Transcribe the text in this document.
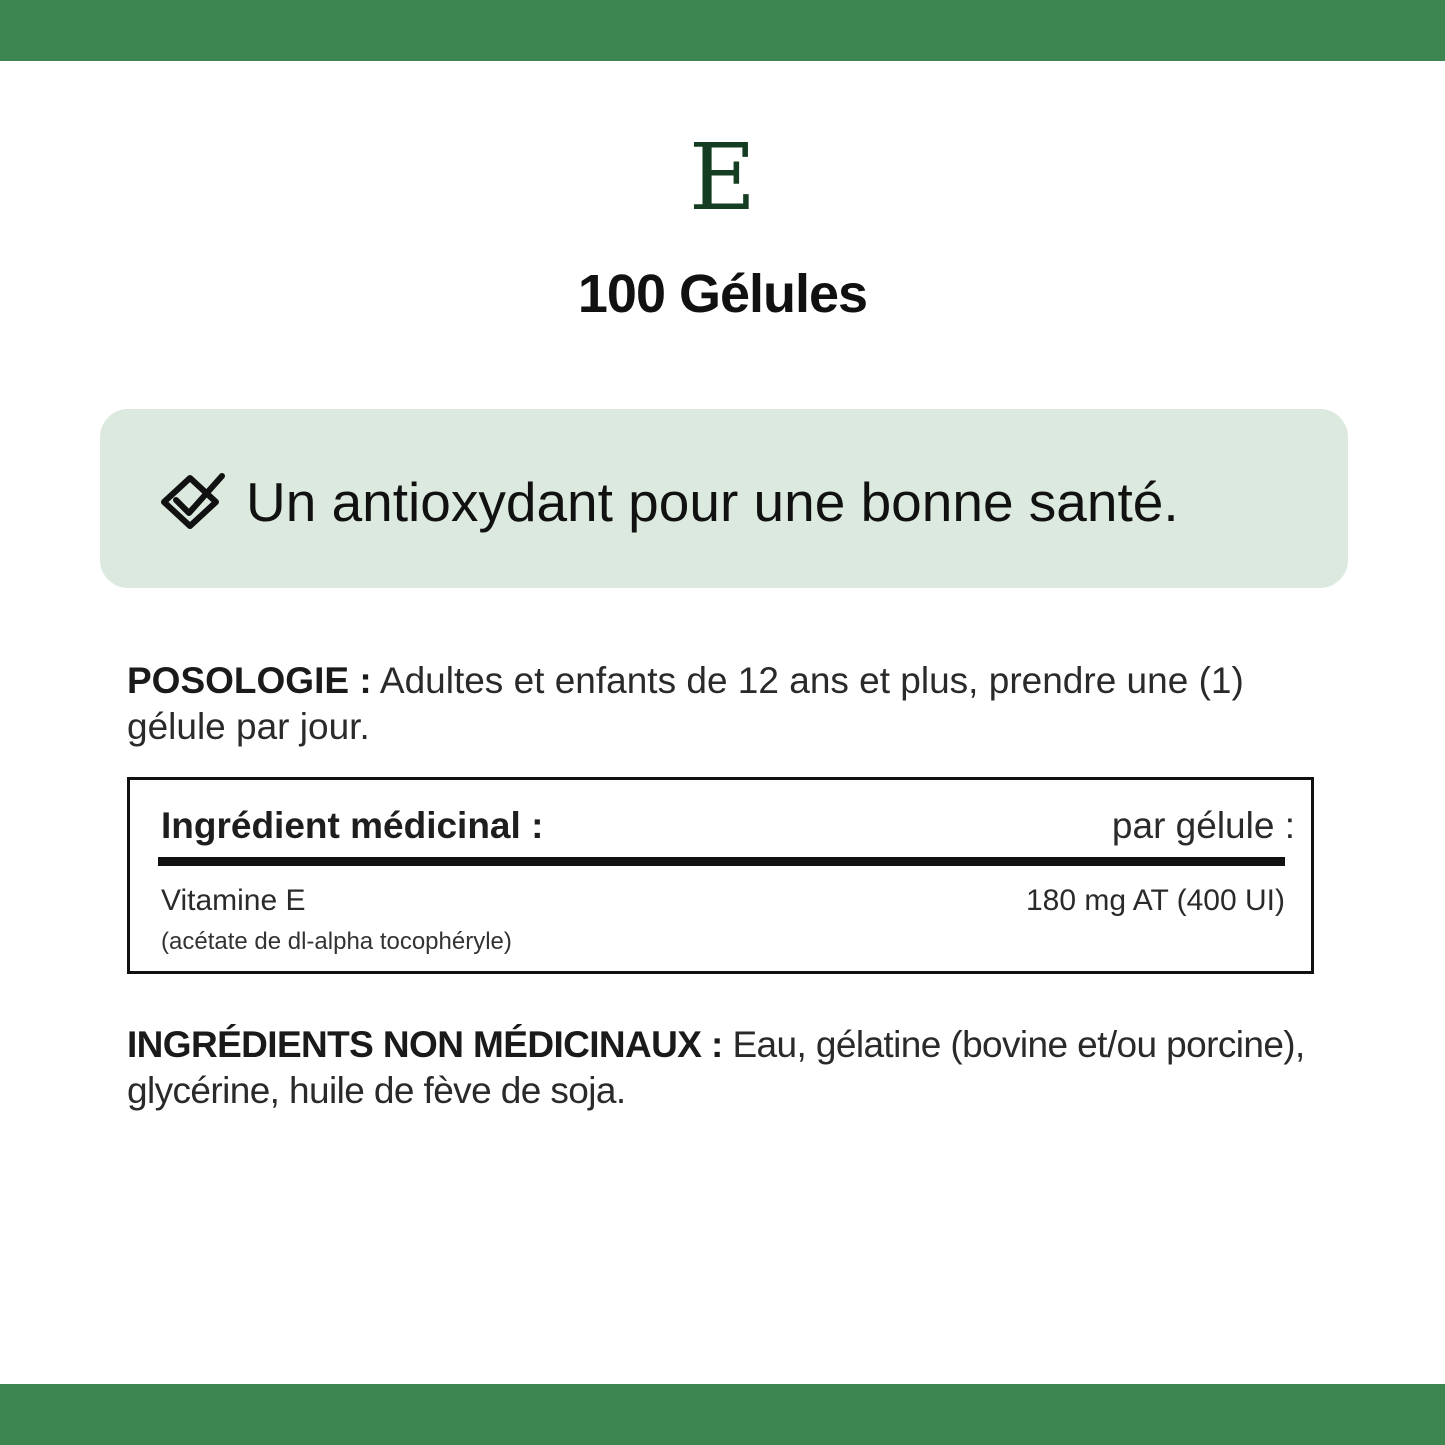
E
100 Gélules
Un antioxydant pour une bonne santé.
POSOLOGIE : Adultes et enfants de 12 ans et plus, prendre une (1) gélule par jour.
Ingrédient médicinal :	par gélule :
Vitamine E	180 mg AT (400 UI)
(acétate de dl-alpha tocophéryle)
INGRÉDIENTS NON MÉDICINAUX : Eau, gélatine (bovine et/ou porcine), glycérine, huile de fève de soja.
